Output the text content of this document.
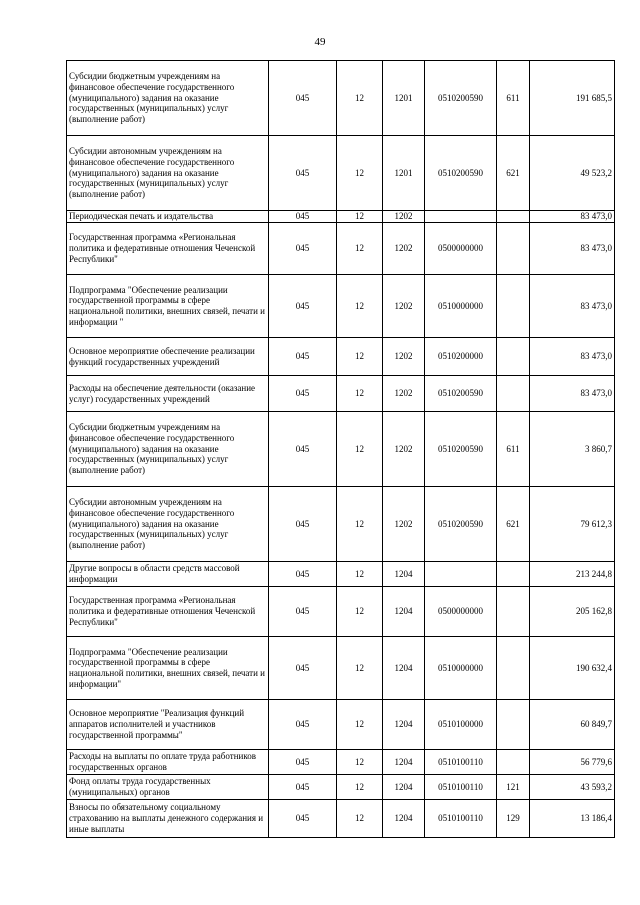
49
Субсидии бюджетным учреждениям на финансовое обеспечение государственного (муниципального) задания на оказание государственных (муниципальных) услуг (выполнение работ)	045	12	1201	0510200590	611	191 685,5
Субсидии автономным учреждениям на финансовое обеспечение государственного (муниципального) задания на оказание государственных (муниципальных) услуг (выполнение работ)	045	12	1201	0510200590	621	49 523,2
Периодическая печать и издательства	045	12	1202			83 473,0
Государственная программа «Региональная политика и федеративные отношения Чеченской Республики"	045	12	1202	0500000000		83 473,0
Подпрограмма "Обеспечение реализации государственной программы в сфере национальной политики, внешних связей, печати и информации "	045	12	1202	0510000000		83 473,0
Основное мероприятие обеспечение реализации функций государственных учреждений	045	12	1202	0510200000		83 473,0
Расходы на обеспечение деятельности (оказание услуг) государственных учреждений	045	12	1202	0510200590		83 473,0
Субсидии бюджетным учреждениям на финансовое обеспечение государственного (муниципального) задания на оказание государственных (муниципальных) услуг (выполнение работ)	045	12	1202	0510200590	611	3 860,7
Субсидии автономным учреждениям на финансовое обеспечение государственного (муниципального) задания на оказание государственных (муниципальных) услуг (выполнение работ)	045	12	1202	0510200590	621	79 612,3
Другие вопросы в области средств массовой информации	045	12	1204			213 244,8
Государственная программа «Региональная политика и федеративные отношения Чеченской Республики"	045	12	1204	0500000000		205 162,8
Подпрограмма "Обеспечение реализации государственной программы в сфере национальной политики, внешних связей, печати и информации"	045	12	1204	0510000000		190 632,4
Основное мероприятие "Реализация функций аппаратов исполнителей и участников государственной программы"	045	12	1204	0510100000		60 849,7
Расходы на выплаты по оплате труда работников государственных органов	045	12	1204	0510100110		56 779,6
Фонд оплаты труда государственных (муниципальных) органов	045	12	1204	0510100110	121	43 593,2
Взносы по обязательному социальному страхованию на выплаты денежного содержания и иные выплаты	045	12	1204	0510100110	129	13 186,4
